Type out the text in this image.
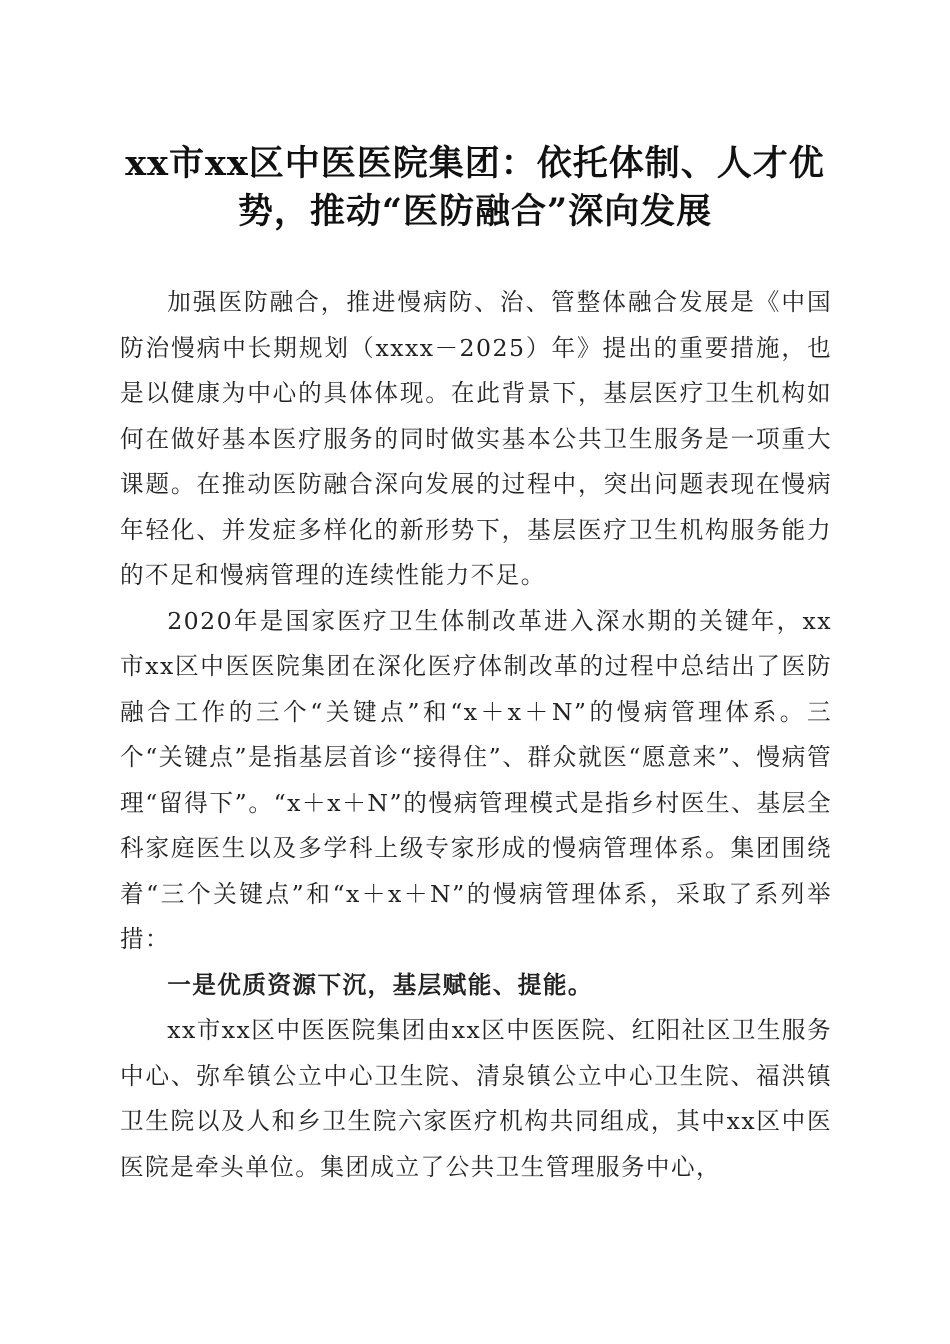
xx市xx区中医医院集团：依托体制、人才优势，推动“医防融合”深向发展

加强医防融合，推进慢病防、治、管整体融合发展是《中国防治慢病中长期规划（xxxx－2025）年》提出的重要措施，也是以健康为中心的具体体现。在此背景下，基层医疗卫生机构如何在做好基本医疗服务的同时做实基本公共卫生服务是一项重大课题。在推动医防融合深向发展的过程中，突出问题表现在慢病年轻化、并发症多样化的新形势下，基层医疗卫生机构服务能力的不足和慢病管理的连续性能力不足。

2020年是国家医疗卫生体制改革进入深水期的关键年，xx市xx区中医医院集团在深化医疗体制改革的过程中总结出了医防融合工作的三个“关键点”和“x＋x＋N”的慢病管理体系。三个“关键点”是指基层首诊“接得住”、群众就医“愿意来”、慢病管理“留得下”。“x＋x＋N”的慢病管理模式是指乡村医生、基层全科家庭医生以及多学科上级专家形成的慢病管理体系。集团围绕着“三个关键点”和“x＋x＋N”的慢病管理体系，采取了系列举措：

一是优质资源下沉，基层赋能、提能。

xx市xx区中医医院集团由xx区中医医院、红阳社区卫生服务中心、弥牟镇公立中心卫生院、清泉镇公立中心卫生院、福洪镇卫生院以及人和乡卫生院六家医疗机构共同组成，其中xx区中医医院是牵头单位。集团成立了公共卫生管理服务中心，
